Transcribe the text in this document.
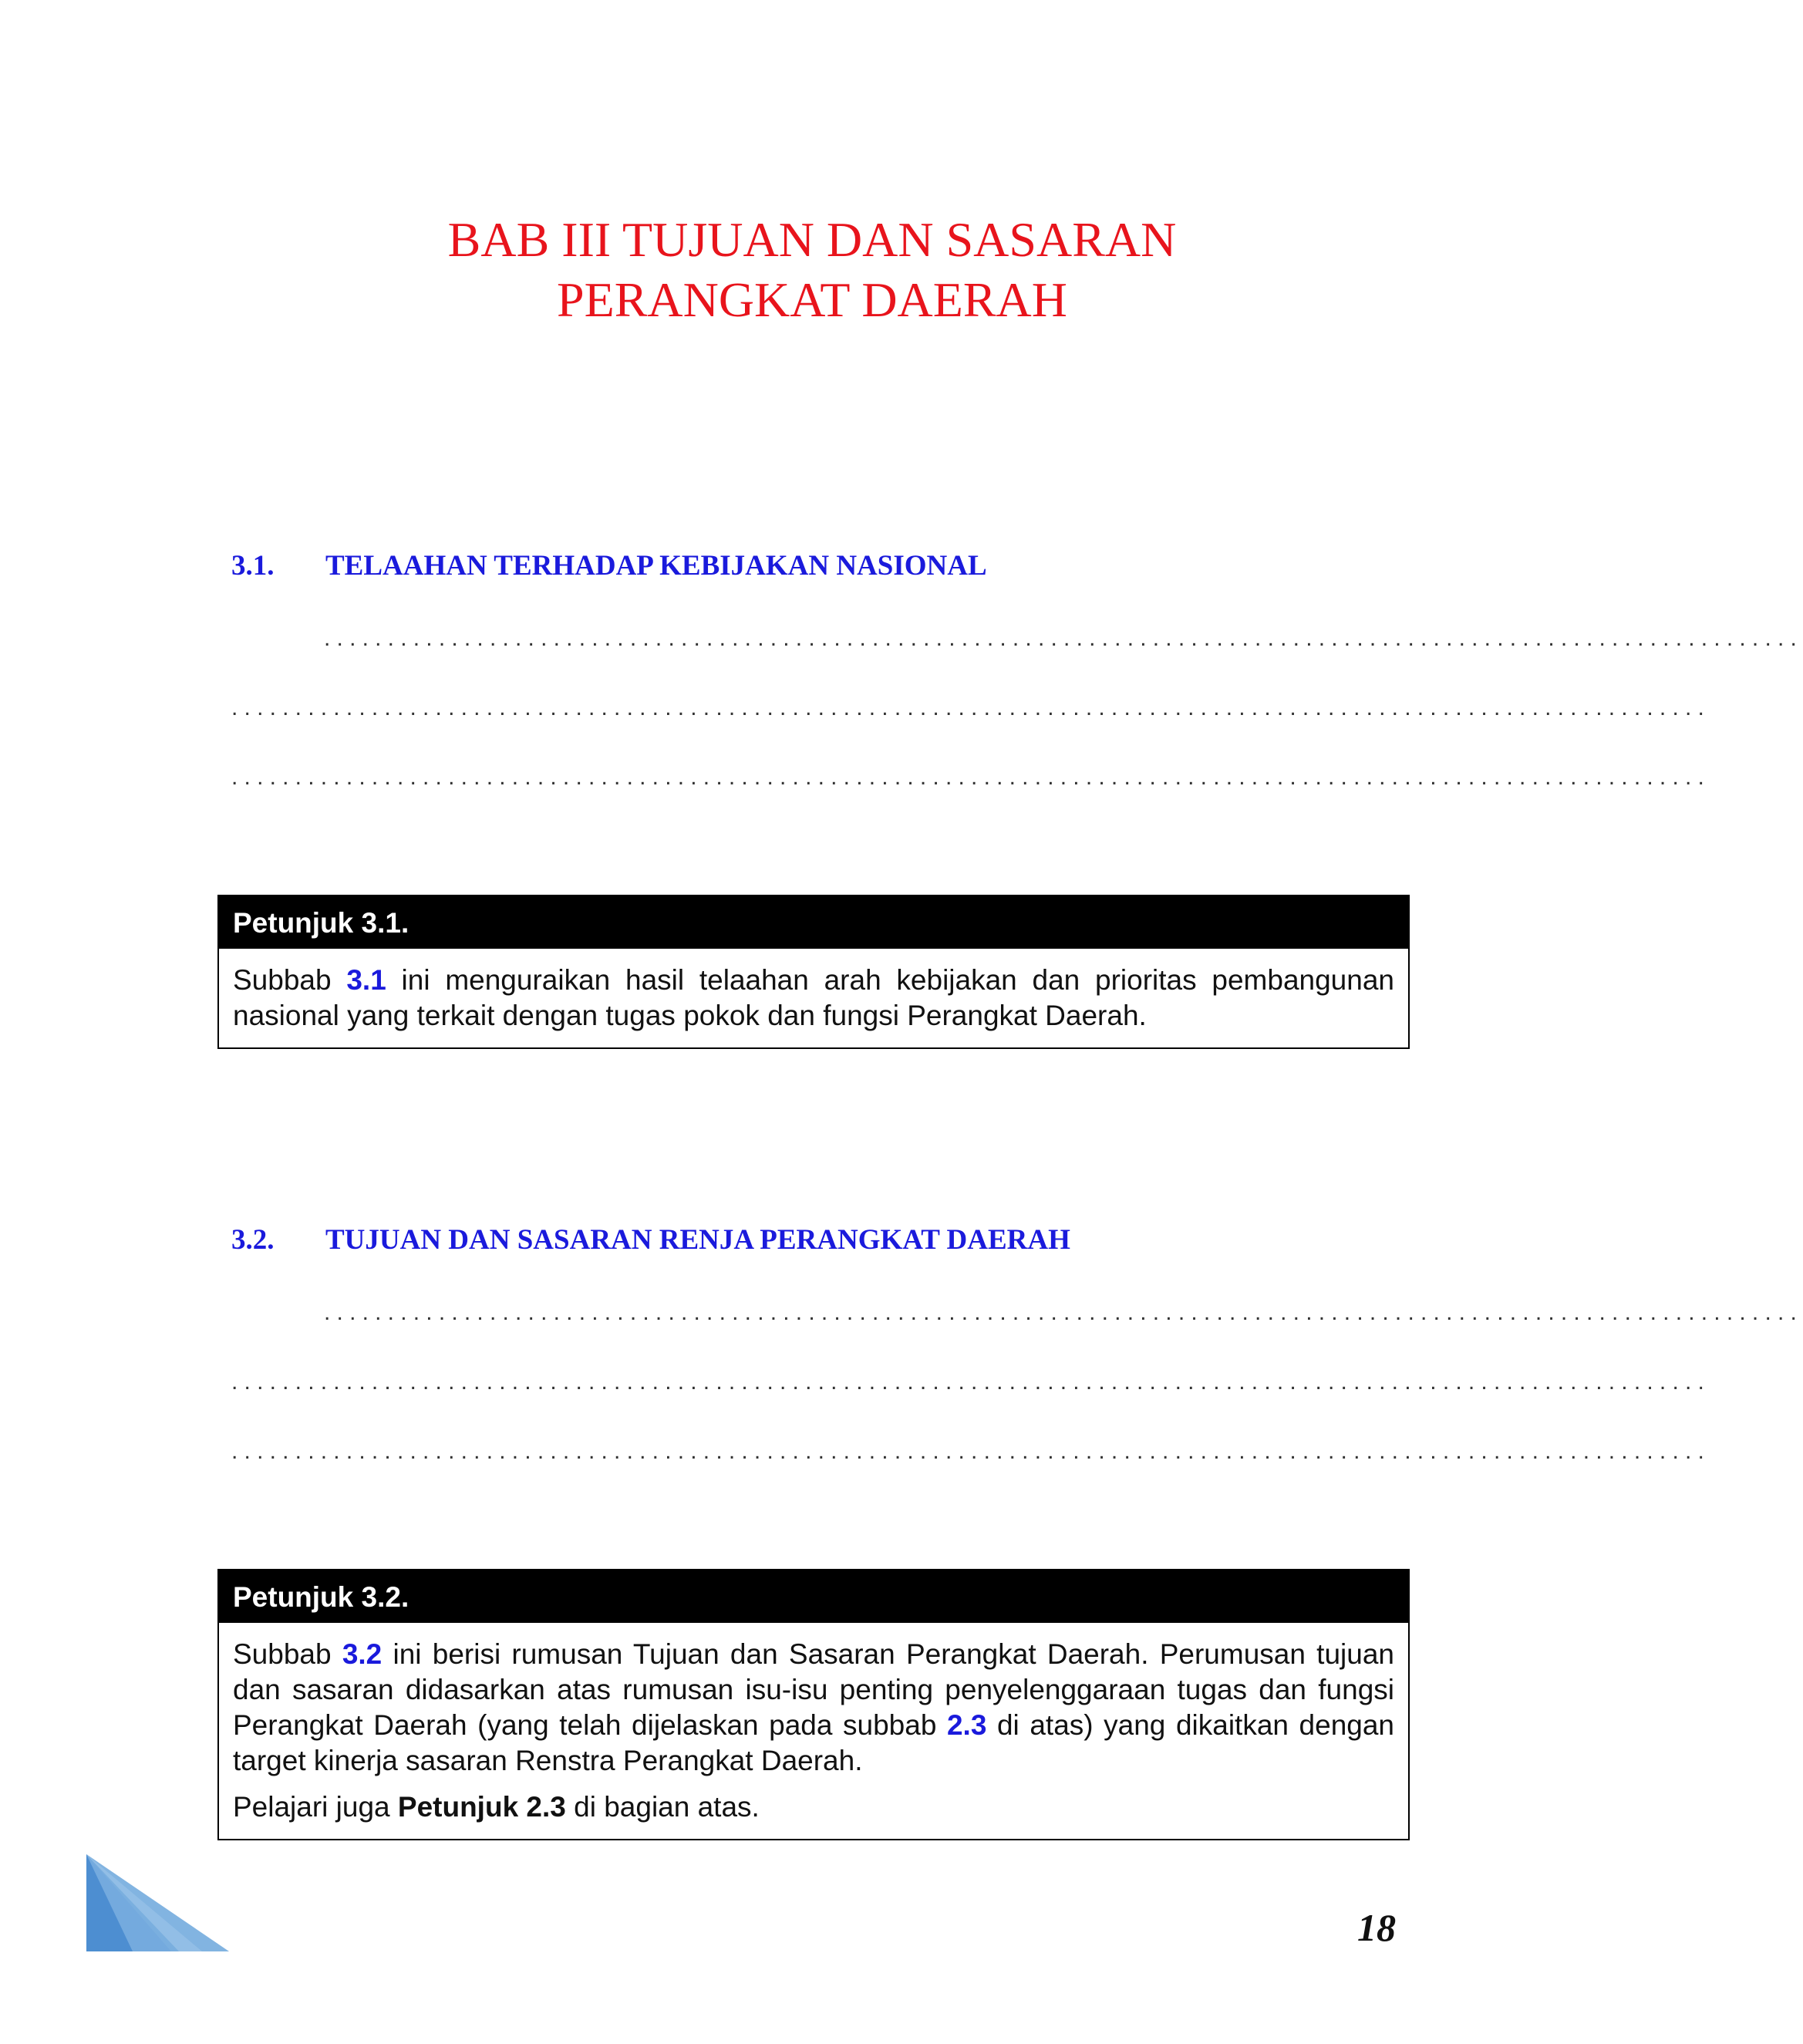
BAB III TUJUAN DAN SASARAN
PERANGKAT DAERAH
3.1. TELAAHAN TERHADAP KEBIJAKAN NASIONAL
....................................................................................................................
....................................................................................................................
....................................................................................................................
Petunjuk 3.1.

Subbab 3.1 ini menguraikan hasil telaahan arah kebijakan dan prioritas pembangunan nasional yang terkait dengan tugas pokok dan fungsi Perangkat Daerah.

3.2. TUJUAN DAN SASARAN RENJA PERANGKAT DAERAH
....................................................................................................................
....................................................................................................................
....................................................................................................................
Petunjuk 3.2.

Subbab 3.2 ini berisi rumusan Tujuan dan Sasaran Perangkat Daerah. Perumusan tujuan dan sasaran didasarkan atas rumusan isu-isu penting penyelenggaraan tugas dan fungsi Perangkat Daerah (yang telah dijelaskan pada subbab 2.3 di atas) yang dikaitkan dengan target kinerja sasaran Renstra Perangkat Daerah.

Pelajari juga Petunjuk 2.3 di bagian atas.

18
